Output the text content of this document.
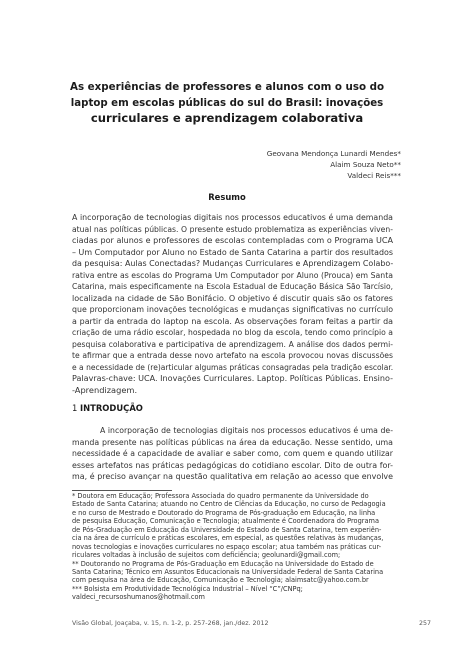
As experiências de professores e alunos com o uso do
laptop em escolas públicas do sul do Brasil: inovações
curriculares e aprendizagem colaborativa
Geovana Mendonça Lunardi Mendes*
Alaim Souza Neto**
Valdeci Reis***
Resumo
A incorporação de tecnologias digitais nos processos educativos é uma demanda
atual nas políticas públicas. O presente estudo problematiza as experiências viven-
ciadas por alunos e professores de escolas contempladas com o Programa UCA
– Um Computador por Aluno no Estado de Santa Catarina a partir dos resultados
da pesquisa: Aulas Conectadas? Mudanças Curriculares e Aprendizagem Colabo-
rativa entre as escolas do Programa Um Computador por Aluno (Prouca) em Santa
Catarina, mais especificamente na Escola Estadual de Educação Básica São Tarcísio,
localizada na cidade de São Bonifácio. O objetivo é discutir quais são os fatores
que proporcionam inovações tecnológicas e mudanças significativas no currículo
a partir da entrada do laptop na escola. As observações foram feitas a partir da
criação de uma rádio escolar, hospedada no blog da escola, tendo como princípio a
pesquisa colaborativa e participativa de aprendizagem. A análise dos dados permi-
te afirmar que a entrada desse novo artefato na escola provocou novas discussões
e a necessidade de (re)articular algumas práticas consagradas pela tradição escolar.
Palavras-chave: UCA. Inovações Curriculares. Laptop. Políticas Públicas. Ensino-
-Aprendizagem.
1 INTRODUÇÃO
A incorporação de tecnologias digitais nos processos educativos é uma de-
manda presente nas políticas públicas na área da educação. Nesse sentido, uma
necessidade é a capacidade de avaliar e saber como, com quem e quando utilizar
esses artefatos nas práticas pedagógicas do cotidiano escolar. Dito de outra for-
ma, é preciso avançar na questão qualitativa em relação ao acesso que envolve
* Doutora em Educação; Professora Associada do quadro permanente da Universidade do
Estado de Santa Catarina; atuando no Centro de Ciências da Educação, no curso de Pedagogia
e no curso de Mestrado e Doutorado do Programa de Pós-graduação em Educação, na linha
de pesquisa Educação, Comunicação e Tecnologia; atualmente é Coordenadora do Programa
de Pós-Graduação em Educação da Universidade do Estado de Santa Catarina, tem experiên-
cia na área de currículo e práticas escolares, em especial, as questões relativas às mudanças,
novas tecnologias e inovações curriculares no espaço escolar; atua também nas práticas cur-
riculares voltadas à inclusão de sujeitos com deficiência; geolunardi@gmail.com;
** Doutorando no Programa de Pós-Graduação em Educação na Universidade do Estado de
Santa Catarina; Técnico em Assuntos Educacionais na Universidade Federal de Santa Catarina
com pesquisa na área de Educação, Comunicação e Tecnologia; alaimsatc@yahoo.com.br
*** Bolsista em Produtividade Tecnológica Industrial – Nível “C”/CNPq;
valdeci_recursoshumanos@hotmail.com
Visão Global, Joaçaba, v. 15, n. 1-2, p. 257-268, jan./dez. 2012	257
